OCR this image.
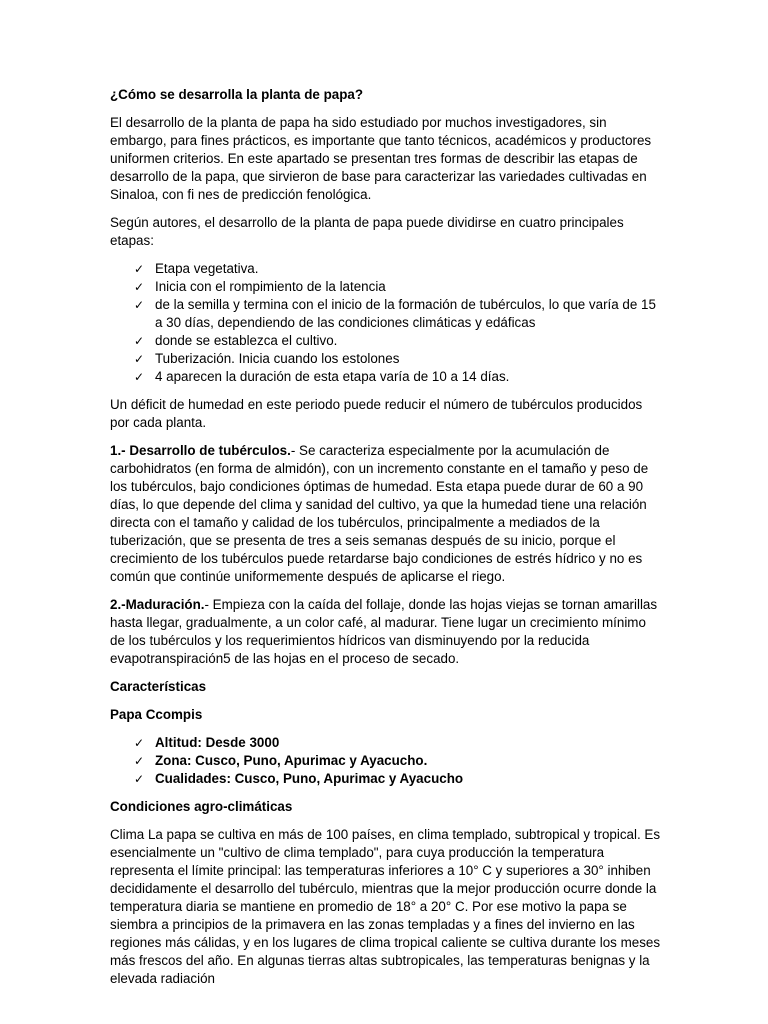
¿Cómo se desarrolla la planta de papa?

El desarrollo de la planta de papa ha sido estudiado por muchos investigadores, sin embargo, para fines prácticos, es importante que tanto técnicos, académicos y productores uniformen criterios. En este apartado se presentan tres formas de describir las etapas de desarrollo de la papa, que sirvieron de base para caracterizar las variedades cultivadas en Sinaloa, con fi nes de predicción fenológica.

Según autores, el desarrollo de la planta de papa puede dividirse en cuatro principales etapas:

✓ Etapa vegetativa.
✓ Inicia con el rompimiento de la latencia
✓ de la semilla y termina con el inicio de la formación de tubérculos, lo que varía de 15 a 30 días, dependiendo de las condiciones climáticas y edáficas
✓ donde se establezca el cultivo.
✓ Tuberización. Inicia cuando los estolones
✓ 4 aparecen la duración de esta etapa varía de 10 a 14 días.

Un déficit de humedad en este periodo puede reducir el número de tubérculos producidos por cada planta.

1.- Desarrollo de tubérculos.- Se caracteriza especialmente por la acumulación de carbohidratos (en forma de almidón), con un incremento constante en el tamaño y peso de los tubérculos, bajo condiciones óptimas de humedad. Esta etapa puede durar de 60 a 90 días, lo que depende del clima y sanidad del cultivo, ya que la humedad tiene una relación directa con el tamaño y calidad de los tubérculos, principalmente a mediados de la tuberización, que se presenta de tres a seis semanas después de su inicio, porque el crecimiento de los tubérculos puede retardarse bajo condiciones de estrés hídrico y no es común que continúe uniformemente después de aplicarse el riego.

2.-Maduración.- Empieza con la caída del follaje, donde las hojas viejas se tornan amarillas hasta llegar, gradualmente, a un color café, al madurar. Tiene lugar un crecimiento mínimo de los tubérculos y los requerimientos hídricos van disminuyendo por la reducida evapotranspiración5 de las hojas en el proceso de secado.

Características

Papa Ccompis

✓ Altitud: Desde 3000
✓ Zona: Cusco, Puno, Apurimac y Ayacucho.
✓ Cualidades: Cusco, Puno, Apurimac y Ayacucho

Condiciones agro-climáticas

Clima La papa se cultiva en más de 100 países, en clima templado, subtropical y tropical. Es esencialmente un "cultivo de clima templado", para cuya producción la temperatura representa el límite principal: las temperaturas inferiores a 10° C y superiores a 30° inhiben decididamente el desarrollo del tubérculo, mientras que la mejor producción ocurre donde la temperatura diaria se mantiene en promedio de 18° a 20° C. Por ese motivo la papa se siembra a principios de la primavera en las zonas templadas y a fines del invierno en las regiones más cálidas, y en los lugares de clima tropical caliente se cultiva durante los meses más frescos del año. En algunas tierras altas subtropicales, las temperaturas benignas y la elevada radiación
